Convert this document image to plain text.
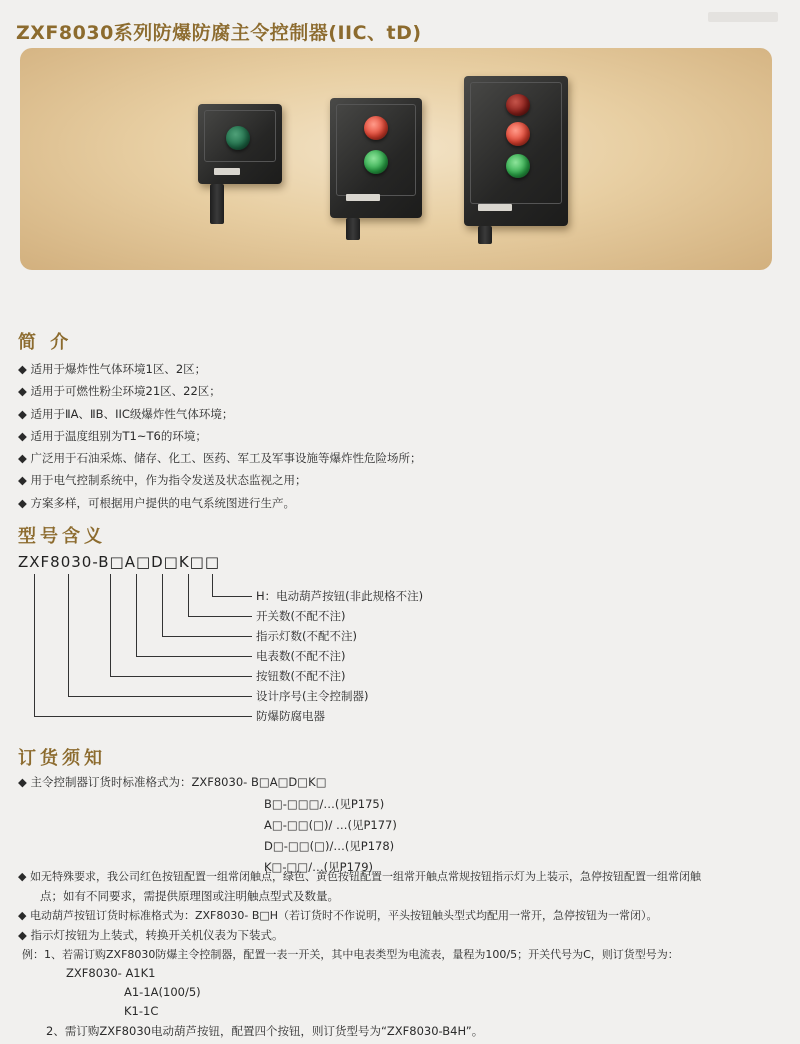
ZXF8030系列防爆防腐主令控制器(IIC、tD)
简 介
◆ 适用于爆炸性气体环境1区、2区；
◆ 适用于可燃性粉尘环境21区、22区；
◆ 适用于ⅡA、ⅡB、IIC级爆炸性气体环境；
◆ 适用于温度组别为T1~T6的环境；
◆ 广泛用于石油采炼、储存、化工、医药、军工及军事设施等爆炸性危险场所；
◆ 用于电气控制系统中，作为指令发送及状态监视之用；
◆ 方案多样，可根据用户提供的电气系统图进行生产。
型号含义
ZXF8030-B□A□D□K□□
H：电动葫芦按钮(非此规格不注)
开关数(不配不注)
指示灯数(不配不注)
电表数(不配不注)
按钮数(不配不注)
设计序号(主令控制器)
防爆防腐电器
订货须知
◆ 主令控制器订货时标准格式为：ZXF8030- B□A□D□K□
B□-□□□/…(见P175)
A□-□□(□)/ …(见P177)
D□-□□(□)/…(见P178)
K□-□□/…(见P179)
◆ 如无特殊要求，我公司红色按钮配置一组常闭触点，绿色、黄色按钮配置一组常开触点常规按钮指示灯为上装示，急停按钮配置一组常闭触
点；如有不同要求，需提供原理图或注明触点型式及数量。
◆ 电动葫芦按钮订货时标准格式为：ZXF8030- B□H（若订货时不作说明，平头按钮触头型式均配用一常开，急停按钮为一常闭）。
◆ 指示灯按钮为上装式，转换开关机仪表为下装式。
例：1、若需订购ZXF8030防爆主令控制器，配置一表一开关，其中电表类型为电流表，量程为100/5；开关代号为C，则订货型号为：
ZXF8030- A1K1
A1-1A(100/5)
K1-1C
2、需订购ZXF8030电动葫芦按钮，配置四个按钮，则订货型号为“ZXF8030-B4H”。
